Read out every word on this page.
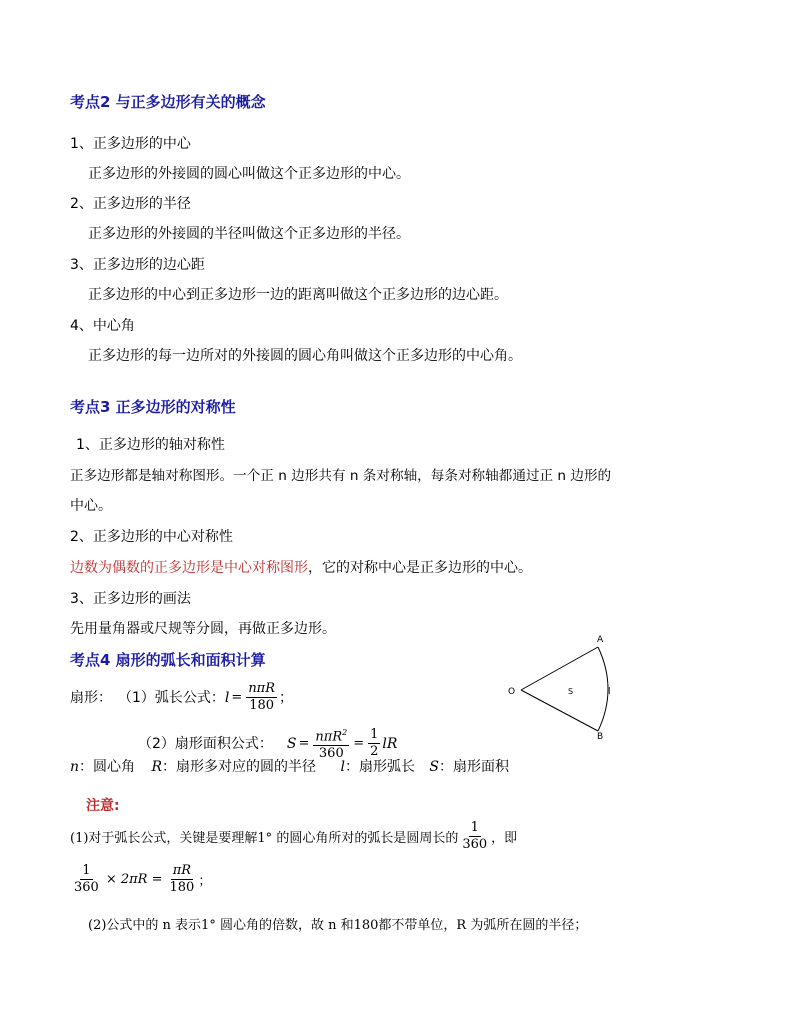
考点2 与正多边形有关的概念
1、正多边形的中心
正多边形的外接圆的圆心叫做这个正多边形的中心。
2、正多边形的半径
正多边形的外接圆的半径叫做这个正多边形的半径。
3、正多边形的边心距
正多边形的中心到正多边形一边的距离叫做这个正多边形的边心距。
4、中心角
正多边形的每一边所对的外接圆的圆心角叫做这个正多边形的中心角。
考点3 正多边形的对称性
1、正多边形的轴对称性
正多边形都是轴对称图形。一个正 n 边形共有 n 条对称轴，每条对称轴都通过正 n 边形的
中心。
2、正多边形的中心对称性
边数为偶数的正多边形是中心对称图形，它的对称中心是正多边形的中心。
3、正多边形的画法
先用量角器或尺规等分圆，再做正多边形。
考点4 扇形的弧长和面积计算
扇形： （1）弧长公式： $l = \frac{\text{nπR}}{180}$ ；
（2）扇形面积公式： $S = \frac{n\pi R^2}{360} = \frac{1}{2}$ lR
n：圆心角 R：扇形多对应的圆的半径 l：扇形弧长 S：扇形面积
O
A
B
S	l
注意:
(1)对于弧长公式，关键是要理解1° 的圆心角所对的弧长是圆周长的 $\frac{1}{360}$ ，即
$\frac{1}{360} \times 2\pi R = \frac{\pi R}{180}$ ；
(2)公式中的 n 表示1° 圆心角的倍数，故 n 和180都不带单位，R 为弧所在圆的半径；
